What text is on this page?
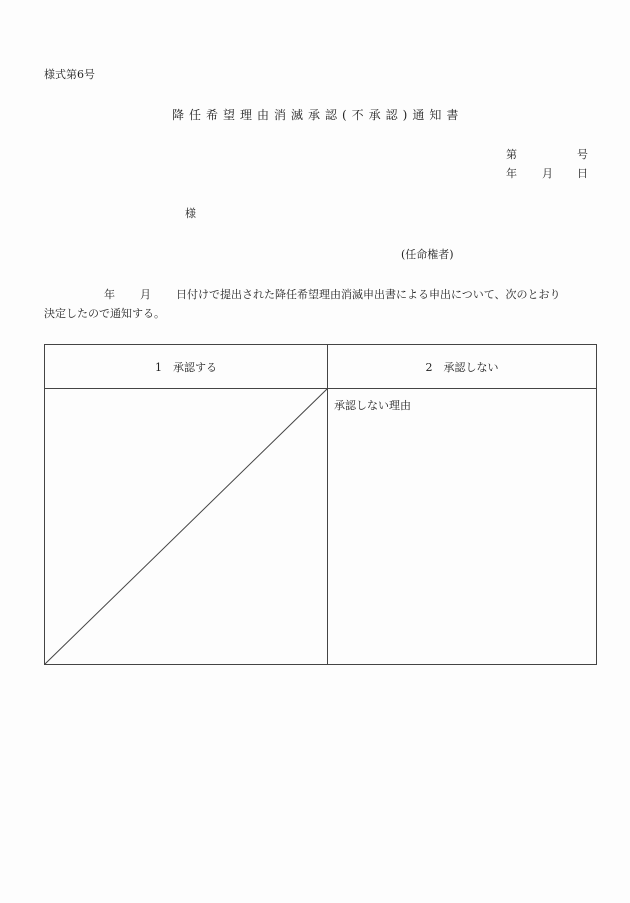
様式第6号
降任希望理由消滅承認(不承認)通知書
第	号
年 月 日
様
(任命権者)
年 月 日付けで提出された降任希望理由消滅申出書による申出について、次のとおり
決定したので通知する。
1　承認する	2　承認しない

	承認しない理由
